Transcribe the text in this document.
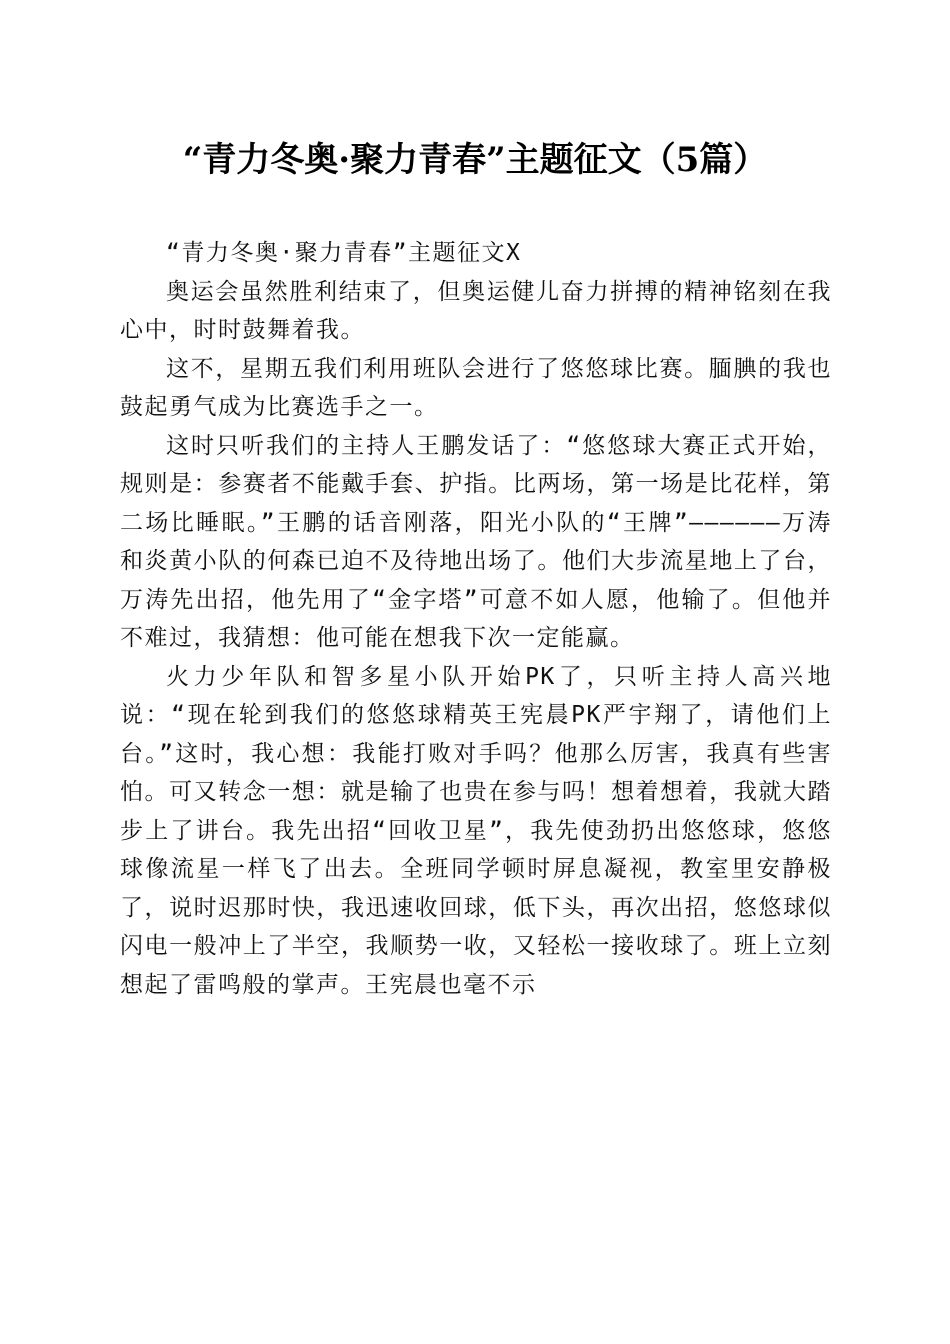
“青力冬奥·聚力青春”主题征文（5篇）

“青力冬奥·聚力青春”主题征文X

奥运会虽然胜利结束了，但奥运健儿奋力拼搏的精神铭刻在我心中，时时鼓舞着我。

这不，星期五我们利用班队会进行了悠悠球比赛。腼腆的我也鼓起勇气成为比赛选手之一。

这时只听我们的主持人王鹏发话了：“悠悠球大赛正式开始，规则是：参赛者不能戴手套、护指。比两场，第一场是比花样，第二场比睡眠。”王鹏的话音刚落，阳光小队的“王牌”——————万涛和炎黄小队的何森已迫不及待地出场了。他们大步流星地上了台，万涛先出招，他先用了“金字塔”可意不如人愿，他输了。但他并不难过，我猜想：他可能在想我下次一定能赢。

火力少年队和智多星小队开始PK了，只听主持人高兴地说：“现在轮到我们的悠悠球精英王宪晨PK严宇翔了，请他们上台。”这时，我心想：我能打败对手吗？他那么厉害，我真有些害怕。可又转念一想：就是输了也贵在参与吗！想着想着，我就大踏步上了讲台。我先出招“回收卫星”，我先使劲扔出悠悠球，悠悠球像流星一样飞了出去。全班同学顿时屏息凝视，教室里安静极了，说时迟那时快，我迅速收回球，低下头，再次出招，悠悠球似闪电一般冲上了半空，我顺势一收，又轻松一接收球了。班上立刻想起了雷鸣般的掌声。王宪晨也毫不示
